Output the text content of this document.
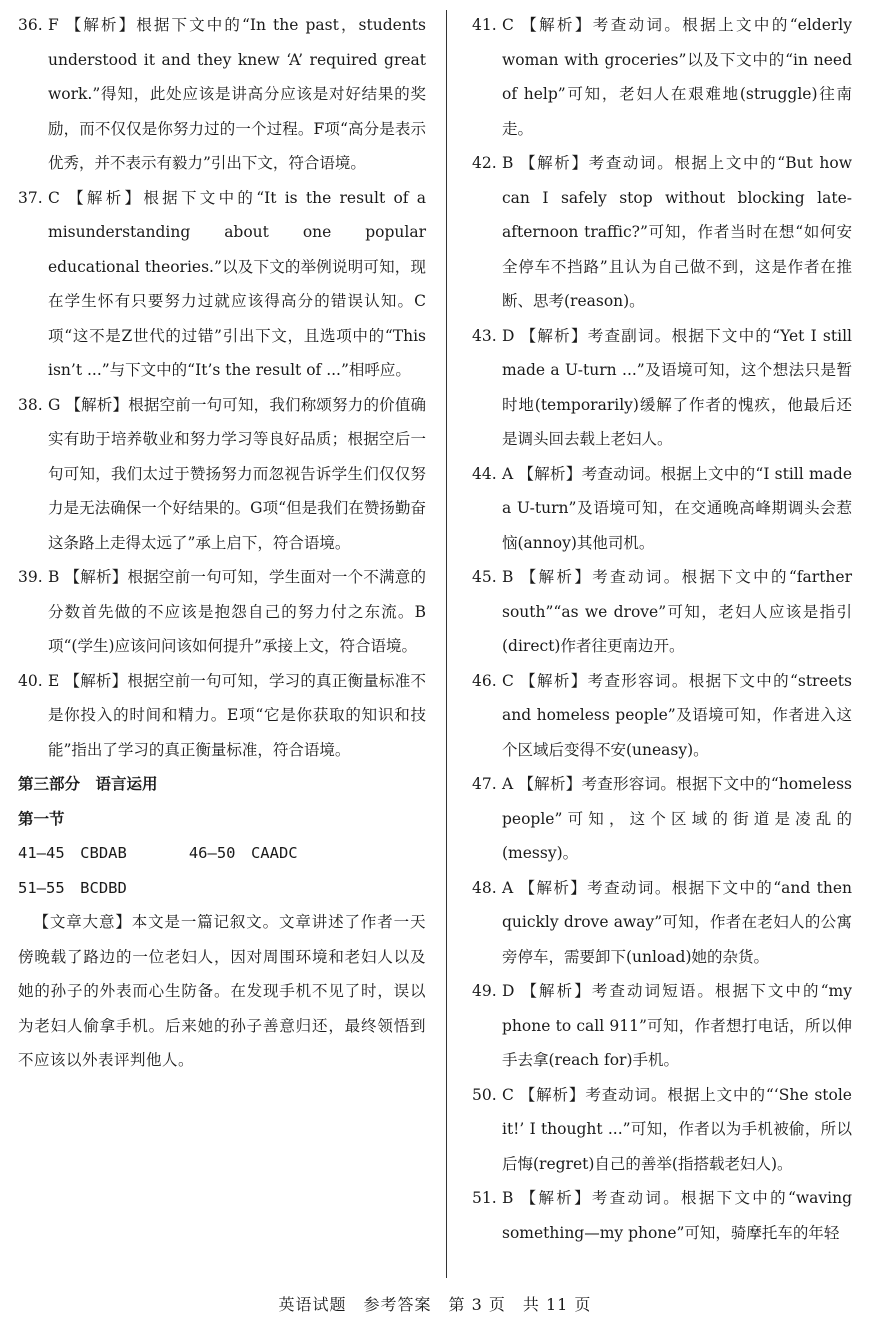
36. F 【解析】根据下文中的“In the past，students understood it and they knew ‘A’ required great work.”得知，此处应该是讲高分应该是对好结果的奖励，而不仅仅是你努力过的一个过程。F项“高分是表示优秀，并不表示有毅力”引出下文，符合语境。
37. C 【解析】根据下文中的“It is the result of a misunderstanding about one popular educational theories.”以及下文的举例说明可知，现在学生怀有只要努力过就应该得高分的错误认知。C项“这不是Z世代的过错”引出下文，且选项中的“This isn’t ...”与下文中的“It’s the result of ...”相呼应。
38. G 【解析】根据空前一句可知，我们称颂努力的价值确实有助于培养敬业和努力学习等良好品质；根据空后一句可知，我们太过于赞扬努力而忽视告诉学生们仅仅努力是无法确保一个好结果的。G项“但是我们在赞扬勤奋这条路上走得太远了”承上启下，符合语境。
39. B 【解析】根据空前一句可知，学生面对一个不满意的分数首先做的不应该是抱怨自己的努力付之东流。B项“(学生)应该问问该如何提升”承接上文，符合语境。
40. E 【解析】根据空前一句可知，学习的真正衡量标准不是你投入的时间和精力。E项“它是你获取的知识和技能”指出了学习的真正衡量标准，符合语境。
第三部分　语言运用
第一节
41—45　CBDAB　　　　46—50　CAADC
51—55　BCDBD
【文章大意】本文是一篇记叙文。文章讲述了作者一天傍晚载了路边的一位老妇人，因对周围环境和老妇人以及她的孙子的外表而心生防备。在发现手机不见了时，误以为老妇人偷拿手机。后来她的孙子善意归还，最终领悟到不应该以外表评判他人。
41. C 【解析】考查动词。根据上文中的“elderly woman with groceries”以及下文中的“in need of help”可知，老妇人在艰难地(struggle)往南走。
42. B 【解析】考查动词。根据上文中的“But how can I safely stop without blocking late-afternoon traffic?”可知，作者当时在想“如何安全停车不挡路”且认为自己做不到，这是作者在推断、思考(reason)。
43. D 【解析】考查副词。根据下文中的“Yet I still made a U-turn ...”及语境可知，这个想法只是暂时地(temporarily)缓解了作者的愧疚，他最后还是调头回去载上老妇人。
44. A 【解析】考查动词。根据上文中的“I still made a U-turn”及语境可知，在交通晚高峰期调头会惹恼(annoy)其他司机。
45. B 【解析】考查动词。根据下文中的“farther south”“as we drove”可知，老妇人应该是指引(direct)作者往更南边开。
46. C 【解析】考查形容词。根据下文中的“streets and homeless people”及语境可知，作者进入这个区域后变得不安(uneasy)。
47. A 【解析】考查形容词。根据下文中的“homeless people”可知，这个区域的街道是凌乱的(messy)。
48. A 【解析】考查动词。根据下文中的“and then quickly drove away”可知，作者在老妇人的公寓旁停车，需要卸下(unload)她的杂货。
49. D 【解析】考查动词短语。根据下文中的“my phone to call 911”可知，作者想打电话，所以伸手去拿(reach for)手机。
50. C 【解析】考查动词。根据上文中的“‘She stole it!’ I thought ...”可知，作者以为手机被偷，所以后悔(regret)自己的善举(指搭载老妇人)。
51. B 【解析】考查动词。根据下文中的“waving something—my phone”可知，骑摩托车的年轻
英语试题　参考答案　第 3 页　共 11 页
